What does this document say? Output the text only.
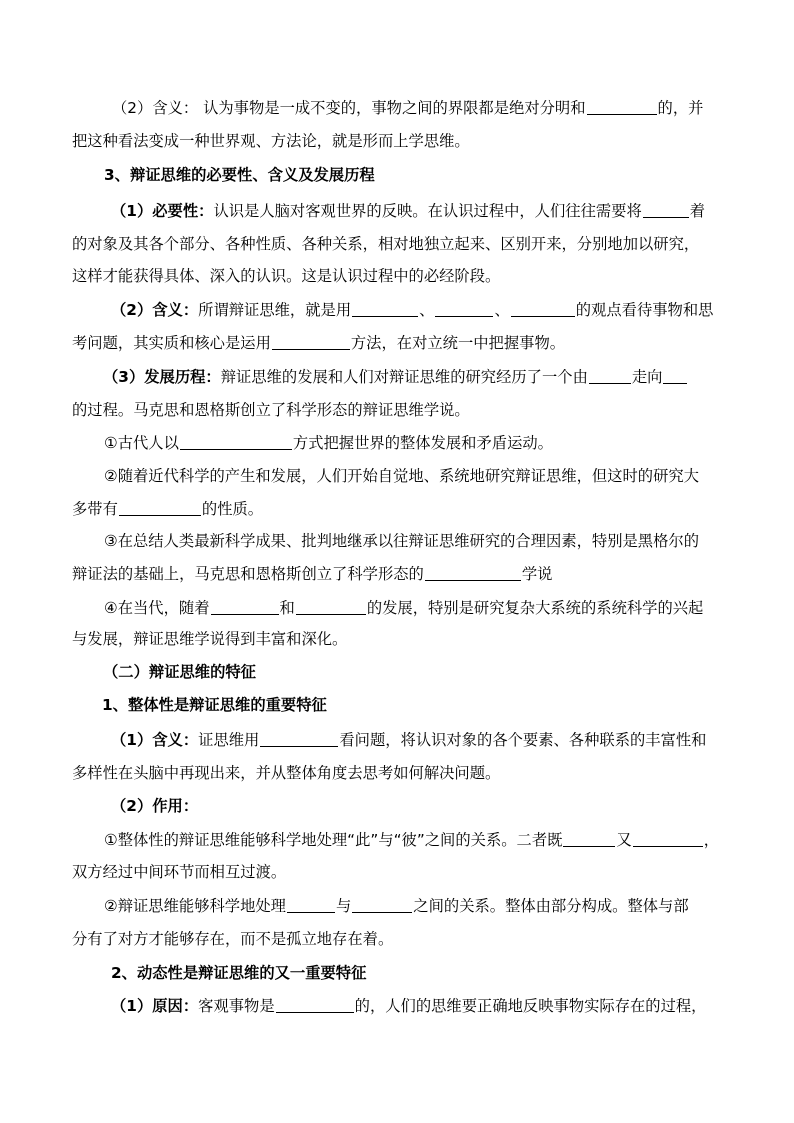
（2）含义： 认为事物是一成不变的，事物之间的界限都是绝对分明和	的，并
把这种看法变成一种世界观、方法论，就是形而上学思维。
3、辩证思维的必要性、含义及发展历程
（1）必要性：认识是人脑对客观世界的反映。在认识过程中，人们往往需要将	着
的对象及其各个部分、各种性质、各种关系，相对地独立起来、区别开来，分别地加以研究，
这样才能获得具体、深入的认识。这是认识过程中的必经阶段。
（2）含义：所谓辩证思维，就是用	、	、	的观点看待事物和思
考问题，其实质和核心是运用	方法，在对立统一中把握事物。
（3）发展历程：辩证思维的发展和人们对辩证思维的研究经历了一个由	走向
的过程。马克思和恩格斯创立了科学形态的辩证思维学说。
①古代人以	方式把握世界的整体发展和矛盾运动。
②随着近代科学的产生和发展，人们开始自觉地、系统地研究辩证思维，但这时的研究大
多带有	的性质。
③在总结人类最新科学成果、批判地继承以往辩证思维研究的合理因素，特别是黑格尔的
辩证法的基础上，马克思和恩格斯创立了科学形态的	学说
④在当代，随着	和	的发展，特别是研究复杂大系统的系统科学的兴起
与发展，辩证思维学说得到丰富和深化。
（二）辩证思维的特征
1、整体性是辩证思维的重要特征
（1）含义：证思维用	看问题，将认识对象的各个要素、各种联系的丰富性和
多样性在头脑中再现出来，并从整体角度去思考如何解决问题。
（2）作用：
①整体性的辩证思维能够科学地处理“此”与“彼”之间的关系。二者既	又	，
双方经过中间环节而相互过渡。
②辩证思维能够科学地处理	与	之间的关系。整体由部分构成。整体与部
分有了对方才能够存在，而不是孤立地存在着。
2、动态性是辩证思维的又一重要特征
（1）原因：客观事物是	的，人们的思维要正确地反映事物实际存在的过程，
